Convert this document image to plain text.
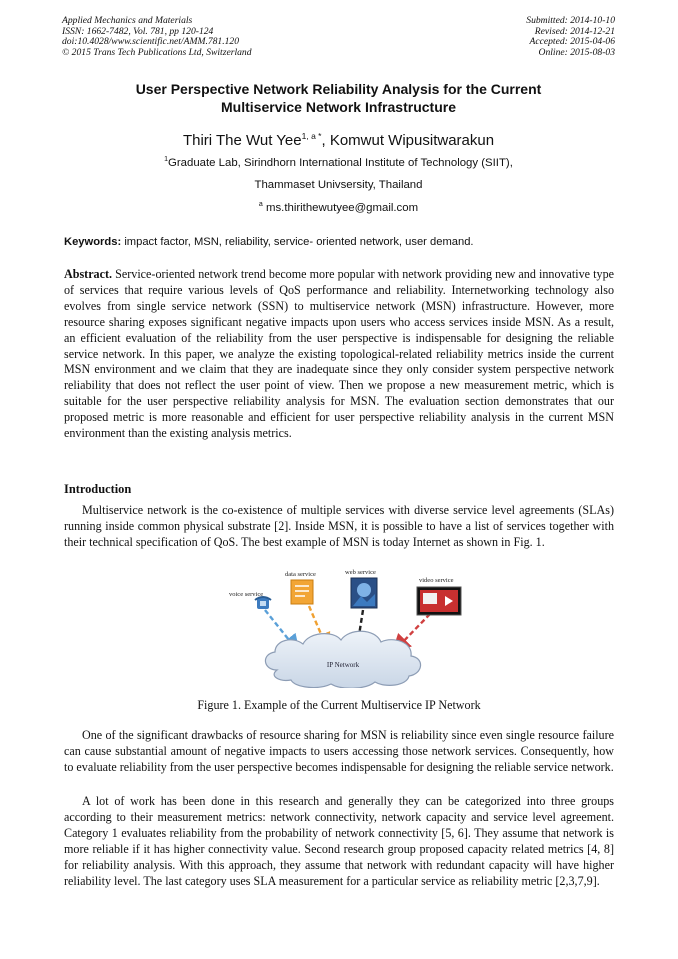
Applied Mechanics and Materials
ISSN: 1662-7482, Vol. 781, pp 120-124
doi:10.4028/www.scientific.net/AMM.781.120
© 2015 Trans Tech Publications Ltd, Switzerland
Submitted: 2014-10-10
Revised: 2014-12-21
Accepted: 2015-04-06
Online: 2015-08-03
User Perspective Network Reliability Analysis for the Current
Multiservice Network Infrastructure
Thiri The Wut Yee$^{1, a *}$, Komwut Wipusitwarakun
$^1$Graduate Lab, Sirindhorn International Institute of Technology (SIIT),
Thammaset Univsersity, Thailand
$^a$ ms.thirithewutyee@gmail.com
Keywords: impact factor, MSN, reliability, service- oriented network, user demand.
Abstract. Service-oriented network trend become more popular with network providing new and innovative type of services that require various levels of QoS performance and reliability. Internetworking technology also evolves from single service network (SSN) to multiservice network (MSN) infrastructure. However, more resource sharing exposes significant negative impacts upon users who access services inside MSN. As a result, an efficient evaluation of the reliability from the user perspective is indispensable for designing the reliable service network. In this paper, we analyze the existing topological-related reliability metrics inside the current MSN environment and we claim that they are inadequate since they only consider system perspective network reliability that does not reflect the user point of view. Then we propose a new measurement metric, which is suitable for the user perspective reliability analysis for MSN. The evaluation section demonstrates that our proposed metric is more reasonable and efficient for user perspective reliability analysis in the current MSN environment than the existing analysis metrics.
Introduction
Multiservice network is the co-existence of multiple services with diverse service level agreements (SLAs) running inside common physical substrate [2]. Inside MSN, it is possible to have a list of services together with their technical specification of QoS. The best example of MSN is today Internet as shown in Fig. 1.
IP Network
voice service
data service	web service
video service
Figure 1. Example of the Current Multiservice IP Network
One of the significant drawbacks of resource sharing for MSN is reliability since even single resource failure can cause substantial amount of negative impacts to users accessing those network services. Consequently, how to evaluate reliability from the user perspective becomes indispensable for designing the reliable service network.
A lot of work has been done in this research and generally they can be categorized into three groups according to their measurement metrics: network connectivity, network capacity and service level agreement. Category 1 evaluates reliability from the probability of network connectivity [5, 6]. They assume that network is more reliable if it has higher connectivity value. Second research group proposed capacity related metrics [4, 8] for reliability analysis. With this approach, they assume that network with redundant capacity will have higher reliability level. The last category uses SLA measurement for a particular service as reliability metric [2,3,7,9].
